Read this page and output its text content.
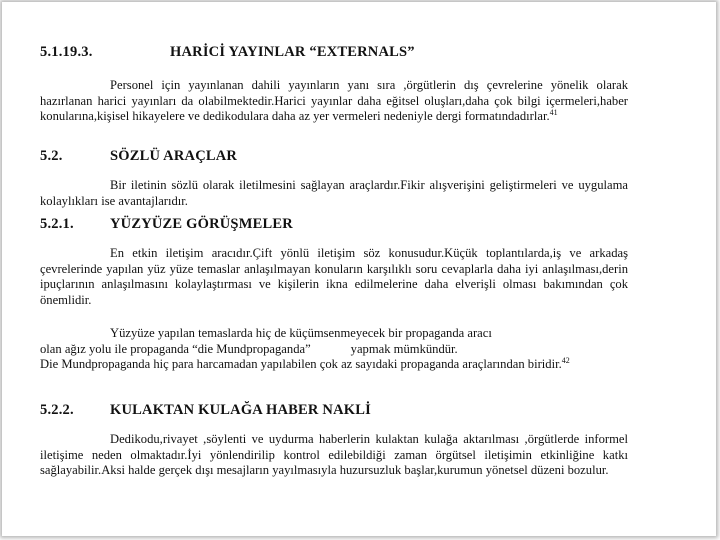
5.1.19.3.	HARİCİ YAYINLAR “EXTERNALS”
Personel için yayınlanan dahili yayınların yanı sıra ,örgütlerin dış çevrelerine yönelik olarak hazırlanan harici yayınları da olabilmektedir.Harici yayınlar daha eğitsel oluşları,daha çok bilgi içermeleri,haber konularına,kişisel hikayelere ve dedikodulara daha az yer vermeleri nedeniyle dergi formatındadırlar.$^{41}$
5.2.	SÖZLÜ ARAÇLAR
Bir iletinin sözlü olarak iletilmesini sağlayan araçlardır.Fikir alışverişini geliştirmeleri ve uygulama kolaylıkları ise avantajlarıdır.
5.2.1. YÜZYÜZE GÖRÜŞMELER
En etkin iletişim aracıdır.Çift yönlü iletişim söz konusudur.Küçük toplantılarda,iş ve arkadaş çevrelerinde yapılan yüz yüze temaslar anlaşılmayan konuların karşılıklı soru cevaplarla daha iyi anlaşılması,derin ipuçlarının anlaşılmasını kolaylaştırması ve kişilerin ikna edilmelerine daha elverişli olması bakımından çok önemlidir.
Yüzyüze yapılan temaslarda hiç de küçümsenmeyecek bir propaganda aracı
olan ağız yolu ile propaganda “die Mundpropaganda”	yapmak mümkündür.
Die Mundpropaganda hiç para harcamadan yapılabilen çok az sayıdaki propaganda araçlarından biridir.$^{42}$
5.2.2. KULAKTAN KULAĞA HABER NAKLİ
Dedikodu,rivayet ,söylenti ve uydurma haberlerin kulaktan kulağa aktarılması ,örgütlerde informel iletişime neden olmaktadır.İyi yönlendirilip kontrol edilebildiği zaman örgütsel iletişimin etkinliğine katkı sağlayabilir.Aksi halde gerçek dışı mesajların yayılmasıyla huzursuzluk başlar,kurumun yönetsel düzeni bozulur.
